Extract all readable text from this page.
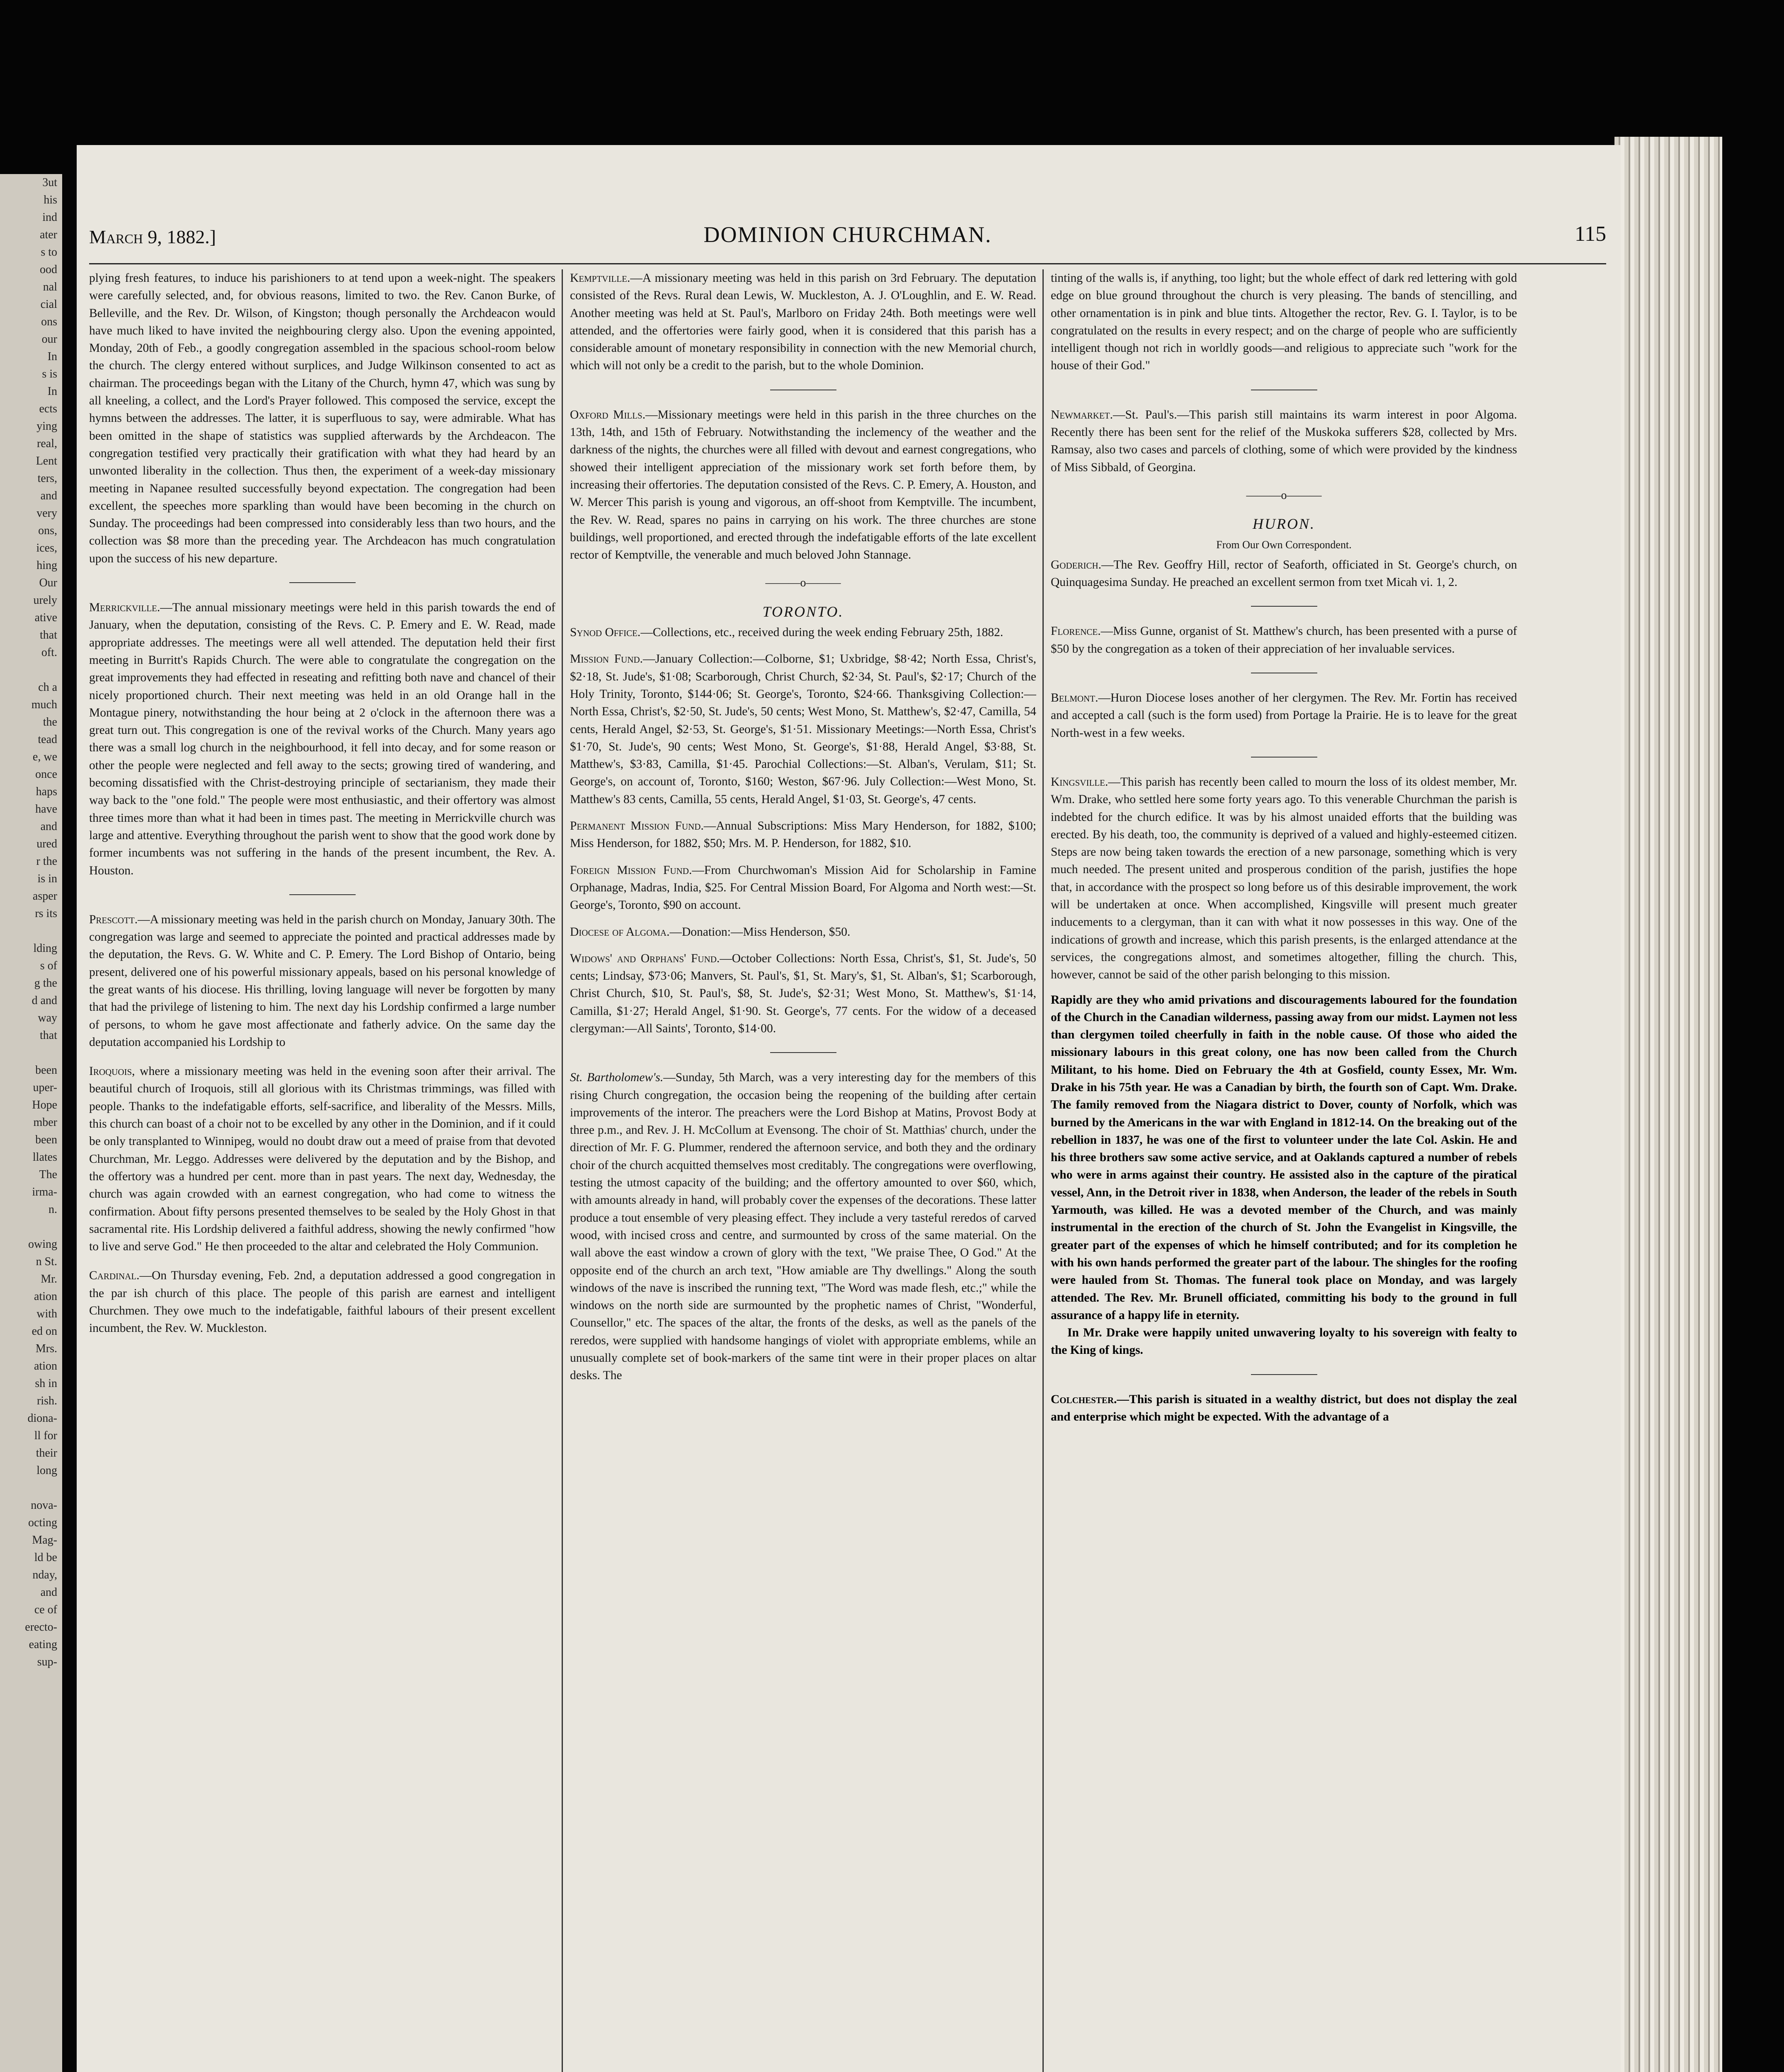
3ut
his
ind
ater
s to
ood
nal
cial
ons
our
In
s is
In
ects
ying
real,
Lent
ters,
and
very
ons,
ices,
hing
Our
urely
ative
that
oft.

ch a
much
the
tead
e, we
once
haps
have
and
ured
r the
is in
asper
rs its

lding
s of
g the
d and
way
that

been
uper-
Hope
mber
been
llates
The
irma-
n.

owing
n St.
Mr.
ation
with
ed on
Mrs.
ation
sh in
rish.
diona-
ll for
their
long

nova-
octing
Mag-
ld be
nday,
and
ce of
erecto-
eating
sup-
March 9, 1882.]	DOMINION CHURCHMAN.	115

plying fresh features, to induce his parishioners to at tend upon a week-night. The speakers were carefully selected, and, for obvious reasons, limited to two. the Rev. Canon Burke, of Belleville, and the Rev. Dr. Wilson, of Kingston; though personally the Archdeacon would have much liked to have invited the neighbouring clergy also. Upon the evening appointed, Monday, 20th of Feb., a goodly congregation assembled in the spacious school-room below the church. The clergy entered without surplices, and Judge Wilkinson consented to act as chairman. The proceedings began with the Litany of the Church, hymn 47, which was sung by all kneeling, a collect, and the Lord's Prayer followed. This composed the service, except the hymns between the addresses. The latter, it is superfluous to say, were admirable. What has been omitted in the shape of statistics was supplied afterwards by the Archdeacon. The congregation testified very practically their gratification with what they had heard by an unwonted liberality in the collection. Thus then, the experiment of a week-day missionary meeting in Napanee resulted successfully beyond expectation. The congregation had been excellent, the speeches more sparkling than would have been becoming in the church on Sunday. The proceedings had been compressed into considerably less than two hours, and the collection was $8 more than the preceding year. The Archdeacon has much congratulation upon the success of his new departure.

Merrickville.—The annual missionary meetings were held in this parish towards the end of January, when the deputation, consisting of the Revs. C. P. Emery and E. W. Read, made appropriate addresses. The meetings were all well attended. The deputation held their first meeting in Burritt's Rapids Church. The were able to congratulate the congregation on the great improvements they had effected in reseating and refitting both nave and chancel of their nicely proportioned church. Their next meeting was held in an old Orange hall in the Montague pinery, notwithstanding the hour being at 2 o'clock in the afternoon there was a great turn out. This congregation is one of the revival works of the Church. Many years ago there was a small log church in the neighbourhood, it fell into decay, and for some reason or other the people were neglected and fell away to the sects; growing tired of wandering, and becoming dissatisfied with the Christ-destroying principle of sectarianism, they made their way back to the "one fold." The people were most enthusiastic, and their offertory was almost three times more than what it had been in times past. The meeting in Merrickville church was large and attentive. Everything throughout the parish went to show that the good work done by former incumbents was not suffering in the hands of the present incumbent, the Rev. A. Houston.

Prescott.—A missionary meeting was held in the parish church on Monday, January 30th. The congregation was large and seemed to appreciate the pointed and practical addresses made by the deputation, the Revs. G. W. White and C. P. Emery. The Lord Bishop of Ontario, being present, delivered one of his powerful missionary appeals, based on his personal knowledge of the great wants of his diocese. His thrilling, loving language will never be forgotten by many that had the privilege of listening to him. The next day his Lordship confirmed a large number of persons, to whom he gave most affectionate and fatherly advice. On the same day the deputation accompanied his Lordship to

Iroquois, where a missionary meeting was held in the evening soon after their arrival. The beautiful church of Iroquois, still all glorious with its Christmas trimmings, was filled with people. Thanks to the indefatigable efforts, self-sacrifice, and liberality of the Messrs. Mills, this church can boast of a choir not to be excelled by any other in the Dominion, and if it could be only transplanted to Winnipeg, would no doubt draw out a meed of praise from that devoted Churchman, Mr. Leggo. Addresses were delivered by the deputation and by the Bishop, and the offertory was a hundred per cent. more than in past years. The next day, Wednesday, the church was again crowded with an earnest congregation, who had come to witness the confirmation. About fifty persons presented themselves to be sealed by the Holy Ghost in that sacramental rite. His Lordship delivered a faithful address, showing the newly confirmed "how to live and serve God." He then proceeded to the altar and celebrated the Holy Communion.

Cardinal.—On Thursday evening, Feb. 2nd, a deputation addressed a good congregation in the par ish church of this place. The people of this parish are earnest and intelligent Churchmen. They owe much to the indefatigable, faithful labours of their present excellent incumbent, the Rev. W. Muckleston.

Kemptville.—A missionary meeting was held in this parish on 3rd February. The deputation consisted of the Revs. Rural dean Lewis, W. Muckleston, A. J. O'Loughlin, and E. W. Read. Another meeting was held at St. Paul's, Marlboro on Friday 24th. Both meetings were well attended, and the offertories were fairly good, when it is considered that this parish has a considerable amount of monetary responsibility in connection with the new Memorial church, which will not only be a credit to the parish, but to the whole Dominion.

Oxford Mills.—Missionary meetings were held in this parish in the three churches on the 13th, 14th, and 15th of February. Notwithstanding the inclemency of the weather and the darkness of the nights, the churches were all filled with devout and earnest congregations, who showed their intelligent appreciation of the missionary work set forth before them, by increasing their offertories. The deputation consisted of the Revs. C. P. Emery, A. Houston, and W. Mercer This parish is young and vigorous, an off-shoot from Kemptville. The incumbent, the Rev. W. Read, spares no pains in carrying on his work. The three churches are stone buildings, well proportioned, and erected through the indefatigable efforts of the late excellent rector of Kemptville, the venerable and much beloved John Stannage.

———o———
TORONTO.

Synod Office.—Collections, etc., received during the week ending February 25th, 1882.

Mission Fund.—January Collection:—Colborne, $1; Uxbridge, $8·42; North Essa, Christ's, $2·18, St. Jude's, $1·08; Scarborough, Christ Church, $2·34, St. Paul's, $2·17; Church of the Holy Trinity, Toronto, $144·06; St. George's, Toronto, $24·66. Thanksgiving Collection:—North Essa, Christ's, $2·50, St. Jude's, 50 cents; West Mono, St. Matthew's, $2·47, Camilla, 54 cents, Herald Angel, $2·53, St. George's, $1·51. Missionary Meetings:—North Essa, Christ's $1·70, St. Jude's, 90 cents; West Mono, St. George's, $1·88, Herald Angel, $3·88, St. Matthew's, $3·83, Camilla, $1·45. Parochial Collections:—St. Alban's, Verulam, $11; St. George's, on account of, Toronto, $160; Weston, $67·96. July Collection:—West Mono, St. Matthew's 83 cents, Camilla, 55 cents, Herald Angel, $1·03, St. George's, 47 cents.

Permanent Mission Fund.—Annual Subscriptions: Miss Mary Henderson, for 1882, $100; Miss Henderson, for 1882, $50; Mrs. M. P. Henderson, for 1882, $10.

Foreign Mission Fund.—From Churchwoman's Mission Aid for Scholarship in Famine Orphanage, Madras, India, $25. For Central Mission Board, For Algoma and North west:—St. George's, Toronto, $90 on account.

Diocese of Algoma.—Donation:—Miss Henderson, $50.

Widows' and Orphans' Fund.—October Collections: North Essa, Christ's, $1, St. Jude's, 50 cents; Lindsay, $73·06; Manvers, St. Paul's, $1, St. Mary's, $1, St. Alban's, $1; Scarborough, Christ Church, $10, St. Paul's, $8, St. Jude's, $2·31; West Mono, St. Matthew's, $1·14, Camilla, $1·27; Herald Angel, $1·90. St. George's, 77 cents. For the widow of a deceased clergyman:—All Saints', Toronto, $14·00.

St. Bartholomew's.—Sunday, 5th March, was a very interesting day for the members of this rising Church congregation, the occasion being the reopening of the building after certain improvements of the interor. The preachers were the Lord Bishop at Matins, Provost Body at three p.m., and Rev. J. H. McCollum at Evensong. The choir of St. Matthias' church, under the direction of Mr. F. G. Plummer, rendered the afternoon service, and both they and the ordinary choir of the church acquitted themselves most creditably. The congregations were overflowing, testing the utmost capacity of the building; and the offertory amounted to over $60, which, with amounts already in hand, will probably cover the expenses of the decorations. These latter produce a tout ensemble of very pleasing effect. They include a very tasteful reredos of carved wood, with incised cross and centre, and surmounted by cross of the same material. On the wall above the east window a crown of glory with the text, "We praise Thee, O God." At the opposite end of the church an arch text, "How amiable are Thy dwellings." Along the south windows of the nave is inscribed the running text, "The Word was made flesh, etc.;" while the windows on the north side are surmounted by the prophetic names of Christ, "Wonderful, Counsellor," etc. The spaces of the altar, the fronts of the desks, as well as the panels of the reredos, were supplied with handsome hangings of violet with appropriate emblems, while an unusually complete set of book-markers of the same tint were in their proper places on altar desks. The

tinting of the walls is, if anything, too light; but the whole effect of dark red lettering with gold edge on blue ground throughout the church is very pleasing. The bands of stencilling, and other ornamentation is in pink and blue tints. Altogether the rector, Rev. G. I. Taylor, is to be congratulated on the results in every respect; and on the charge of people who are sufficiently intelligent though not rich in worldly goods—and religious to appreciate such "work for the house of their God."

Newmarket.—St. Paul's.—This parish still maintains its warm interest in poor Algoma. Recently there has been sent for the relief of the Muskoka sufferers $28, collected by Mrs. Ramsay, also two cases and parcels of clothing, some of which were provided by the kindness of Miss Sibbald, of Georgina.

———o———
HURON.
From Our Own Correspondent.

Goderich.—The Rev. Geoffry Hill, rector of Seaforth, officiated in St. George's church, on Quinquagesima Sunday. He preached an excellent sermon from txet Micah vi. 1, 2.

Florence.—Miss Gunne, organist of St. Matthew's church, has been presented with a purse of $50 by the congregation as a token of their appreciation of her invaluable services.

Belmont.—Huron Diocese loses another of her clergymen. The Rev. Mr. Fortin has received and accepted a call (such is the form used) from Portage la Prairie. He is to leave for the great North-west in a few weeks.

Kingsville.—This parish has recently been called to mourn the loss of its oldest member, Mr. Wm. Drake, who settled here some forty years ago. To this venerable Churchman the parish is indebted for the church edifice. It was by his almost unaided efforts that the building was erected. By his death, too, the community is deprived of a valued and highly-esteemed citizen. Steps are now being taken towards the erection of a new parsonage, something which is very much needed. The present united and prosperous condition of the parish, justifies the hope that, in accordance with the prospect so long before us of this desirable improvement, the work will be undertaken at once. When accomplished, Kingsville will present much greater inducements to a clergyman, than it can with what it now possesses in this way. One of the indications of growth and increase, which this parish presents, is the enlarged attendance at the services, the congregations almost, and sometimes altogether, filling the church. This, however, cannot be said of the other parish belonging to this mission.

Rapidly are they who amid privations and discouragements laboured for the foundation of the Church in the Canadian wilderness, passing away from our midst. Laymen not less than clergymen toiled cheerfully in faith in the noble cause. Of those who aided the missionary labours in this great colony, one has now been called from the Church Militant, to his home. Died on February the 4th at Gosfield, county Essex, Mr. Wm. Drake in his 75th year. He was a Canadian by birth, the fourth son of Capt. Wm. Drake. The family removed from the Niagara district to Dover, county of Norfolk, which was burned by the Americans in the war with England in 1812-14. On the breaking out of the rebellion in 1837, he was one of the first to volunteer under the late Col. Askin. He and his three brothers saw some active service, and at Oaklands captured a number of rebels who were in arms against their country. He assisted also in the capture of the piratical vessel, Ann, in the Detroit river in 1838, when Anderson, the leader of the rebels in South Yarmouth, was killed. He was a devoted member of the Church, and was mainly instrumental in the erection of the church of St. John the Evangelist in Kingsville, the greater part of the expenses of which he himself contributed; and for its completion he with his own hands performed the greater part of the labour. The shingles for the roofing were hauled from St. Thomas. The funeral took place on Monday, and was largely attended. The Rev. Mr. Brunell officiated, committing his body to the ground in full assurance of a happy life in eternity.

In Mr. Drake were happily united unwavering loyalty to his sovereign with fealty to the King of kings.

Colchester.—This parish is situated in a wealthy district, but does not display the zeal and enterprise which might be expected. With the advantage of a
